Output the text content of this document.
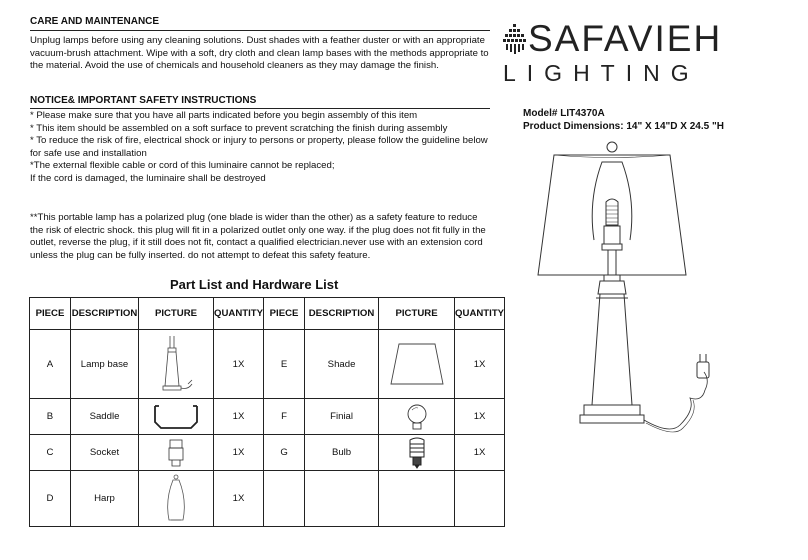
CARE AND MAINTENANCE

Unplug lamps before using any cleaning solutions. Dust shades with a feather duster or with an appropriate

vacuum-brush attachment. Wipe with a soft, dry cloth and clean lamp bases with the methods appropriate to

the material. Avoid the use of chemicals and household cleaners as they may damage the finish.

NOTICE& IMPORTANT SAFETY INSTRUCTIONS

* Please make sure that you have all parts indicated before you begin assembly of this item

* This item should be assembled on a soft surface to prevent scratching the finish during assembly

* To reduce the risk of fire, electrical shock or injury to persons or property, please follow the guideline below

for safe use and installation

*The external flexible cable or cord of this luminaire cannot be replaced;

If the cord is damaged, the luminaire shall be destroyed

**This portable lamp has a polarized plug (one blade is wider than the other) as a safety feature to reduce

the risk of electric shock. this plug will fit in a polarized outlet only one way. if the plug does not fit fully in the

outlet, reverse the plug, if it still does not fit, contact a qualified electrician.never use with an extension cord

unless the plug can be fully inserted. do not attempt to defeat this safety feature.

SAFAVIEH
LIGHTING
Model# LIT4370A
Product Dimensions: 14" X 14"D X 24.5 "H
Part List and Hardware List
PIECE	DESCRIPTION	PICTURE	QUANTITY	PIECE	DESCRIPTION	PICTURE	QUANTITY
A	Lamp base		1X	E	Shade		1X
B	Saddle		1X	F	Finial		1X
C	Socket		1X	G	Bulb		1X
D	Harp		1X				
